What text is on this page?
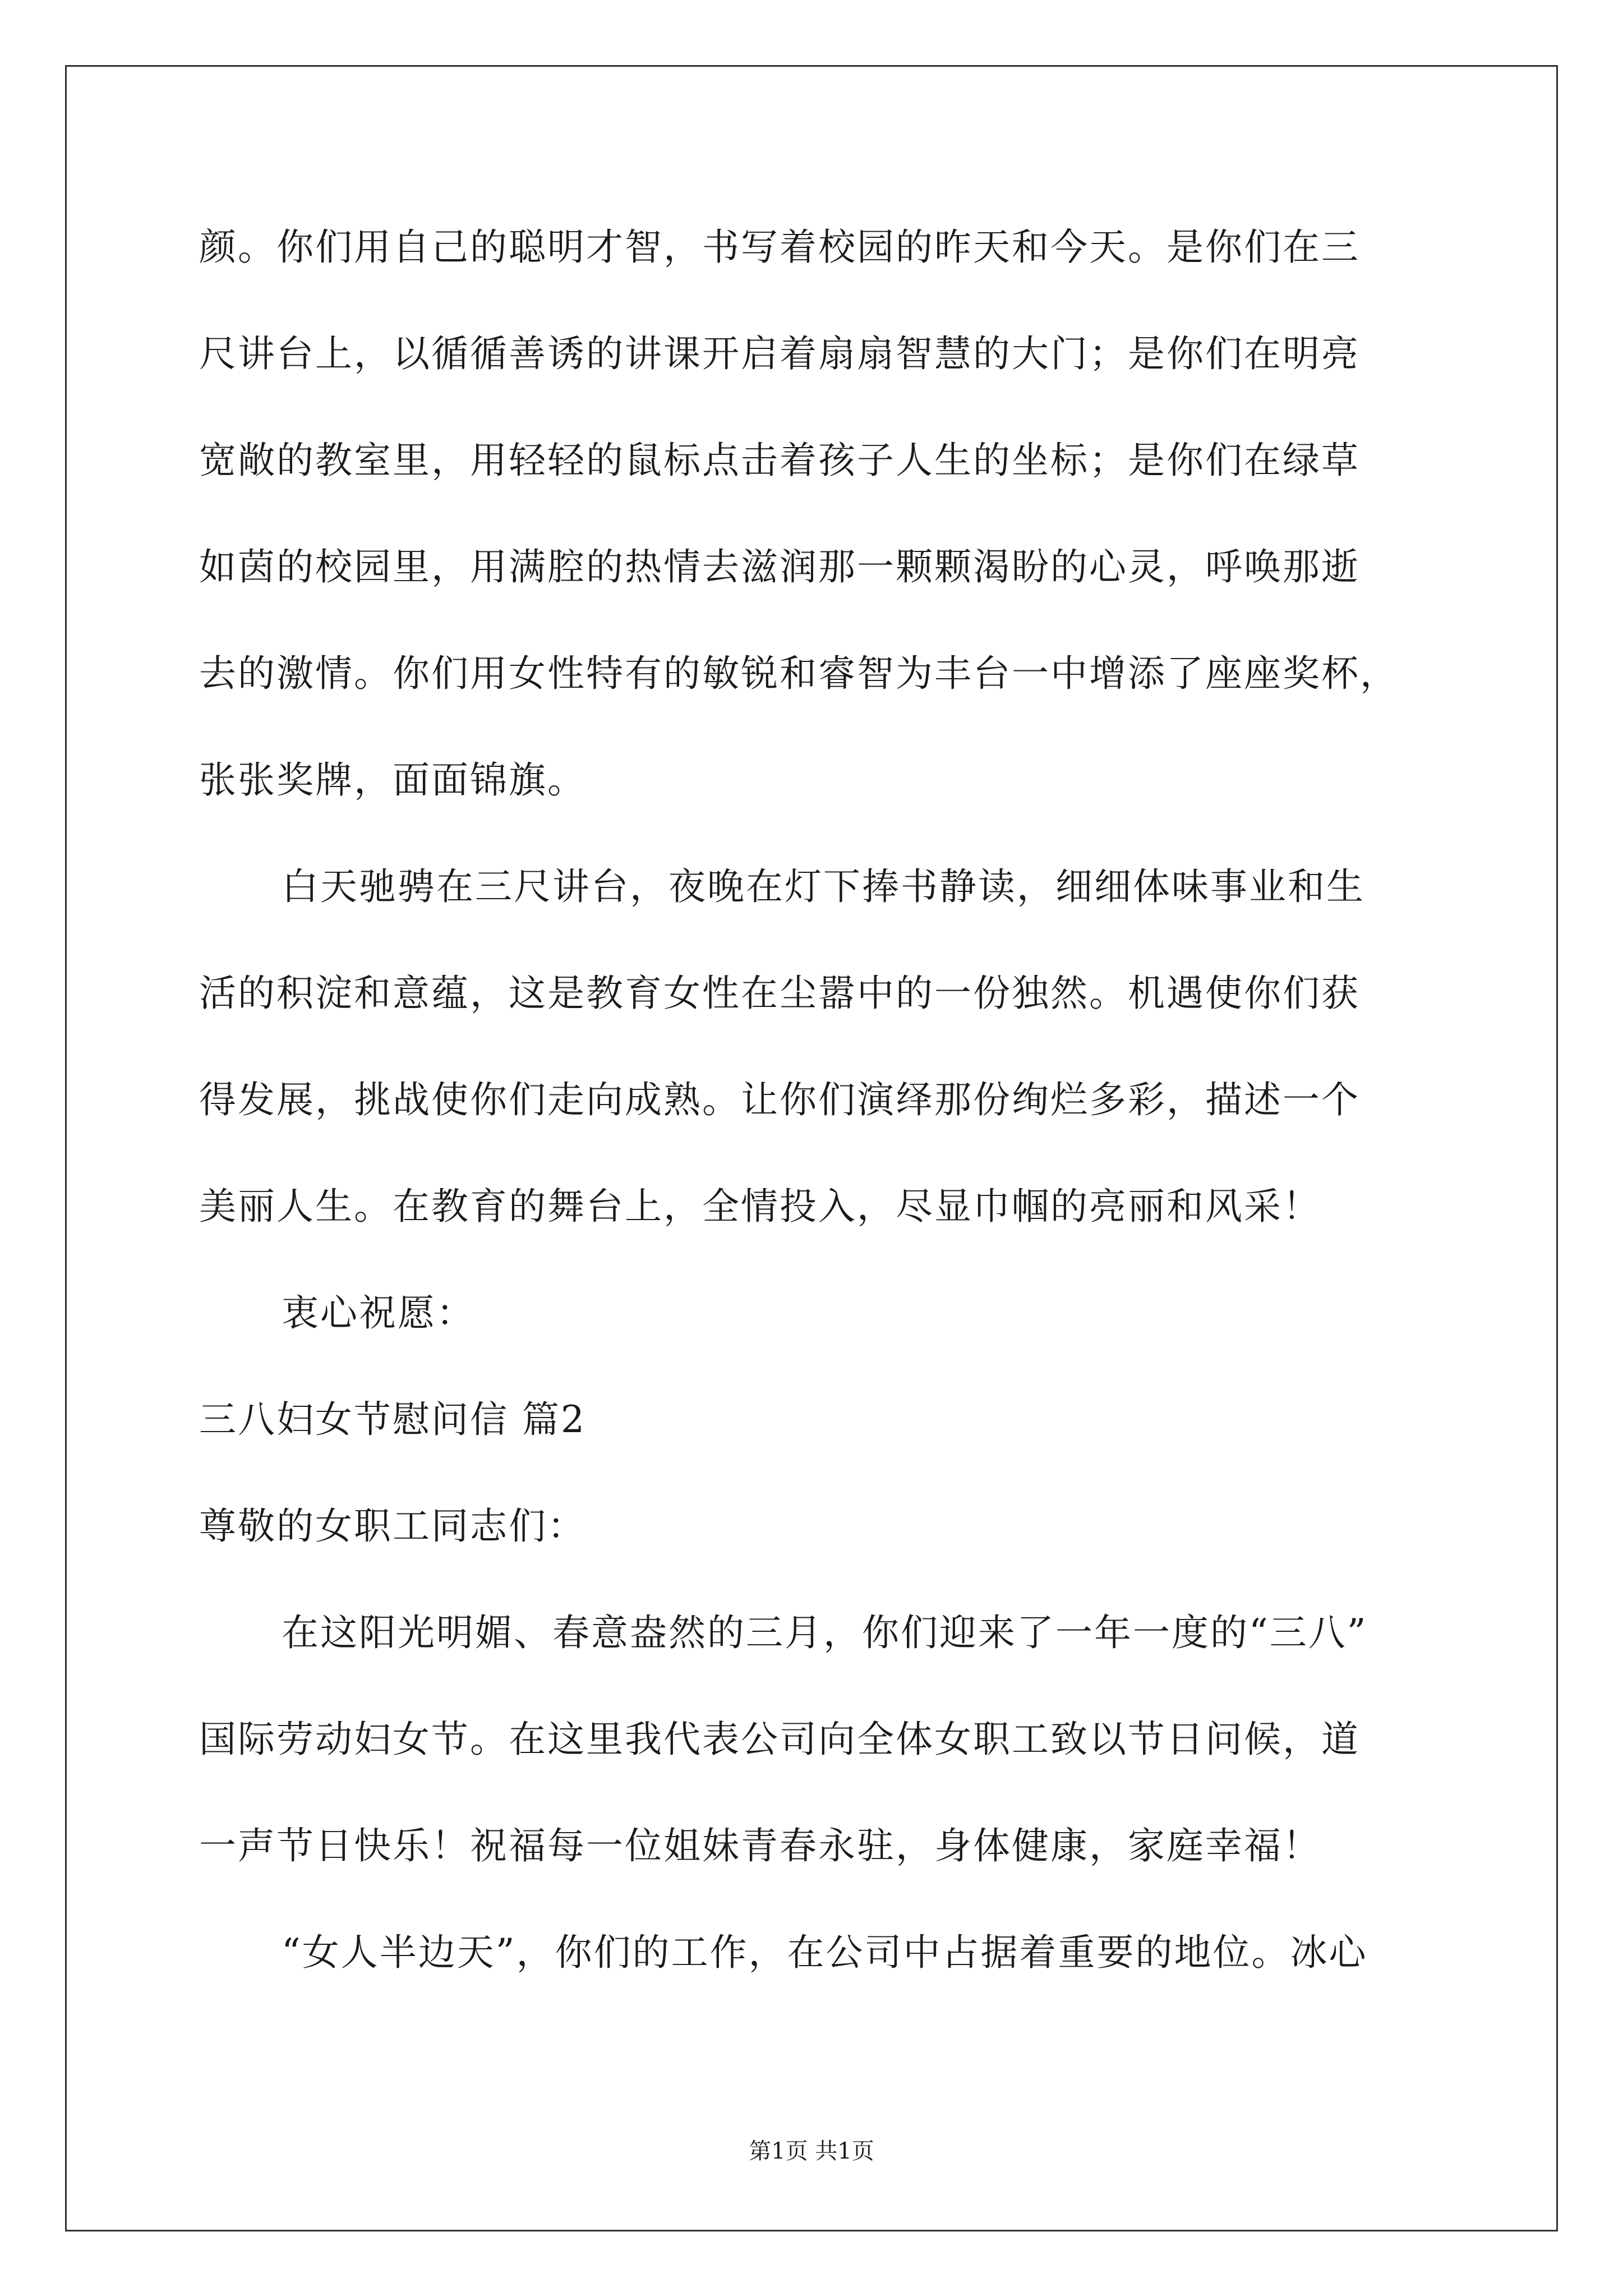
颜。你们用自己的聪明才智，书写着校园的昨天和今天。是你们在三
尺讲台上，以循循善诱的讲课开启着扇扇智慧的大门；是你们在明亮
宽敞的教室里，用轻轻的鼠标点击着孩子人生的坐标；是你们在绿草
如茵的校园里，用满腔的热情去滋润那一颗颗渴盼的心灵，呼唤那逝
去的激情。你们用女性特有的敏锐和睿智为丰台一中增添了座座奖杯，
张张奖牌，面面锦旗。
白天驰骋在三尺讲台，夜晚在灯下捧书静读，细细体味事业和生
活的积淀和意蕴，这是教育女性在尘嚣中的一份独然。机遇使你们获
得发展，挑战使你们走向成熟。让你们演绎那份绚烂多彩，描述一个
美丽人生。在教育的舞台上，全情投入，尽显巾帼的亮丽和风采！
衷心祝愿：
三八妇女节慰问信 篇2
尊敬的女职工同志们：
在这阳光明媚、春意盎然的三月，你们迎来了一年一度的“三八”
国际劳动妇女节。在这里我代表公司向全体女职工致以节日问候，道
一声节日快乐！祝福每一位姐妹青春永驻，身体健康，家庭幸福！
“女人半边天”，你们的工作，在公司中占据着重要的地位。冰心
第1页 共1页
